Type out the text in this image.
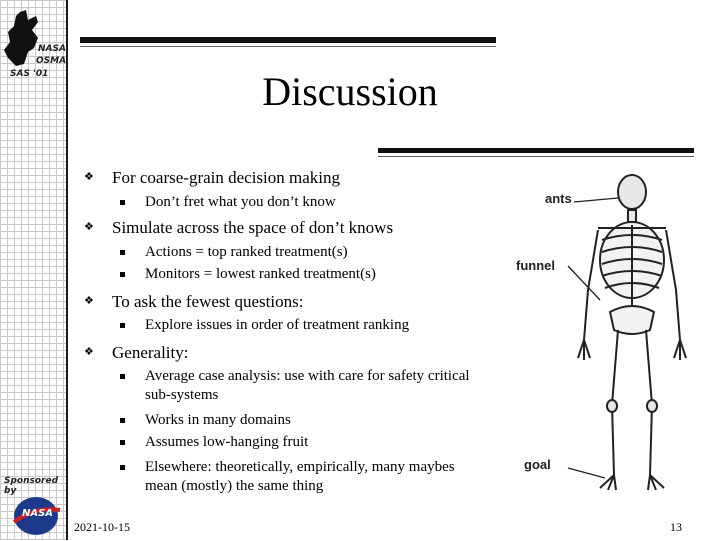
NASA
OSMA
SAS '01	Discussion
❖ For coarse-grain decision making
Don’t fret what you don’t know
❖ Simulate across the space of don’t knows
Actions = top ranked treatment(s)
Monitors = lowest ranked treatment(s)
❖ To ask the fewest questions:
Explore issues in order of treatment ranking
❖ Generality:
Average case analysis: use with care for safety critical sub-systems
Works in many domains
Assumes low-hanging fruit
Elsewhere: theoretically, empirically, many maybes mean (mostly) the same thing
ants
funnel
goal
Sponsored by
NASA
2021-10-15	13
